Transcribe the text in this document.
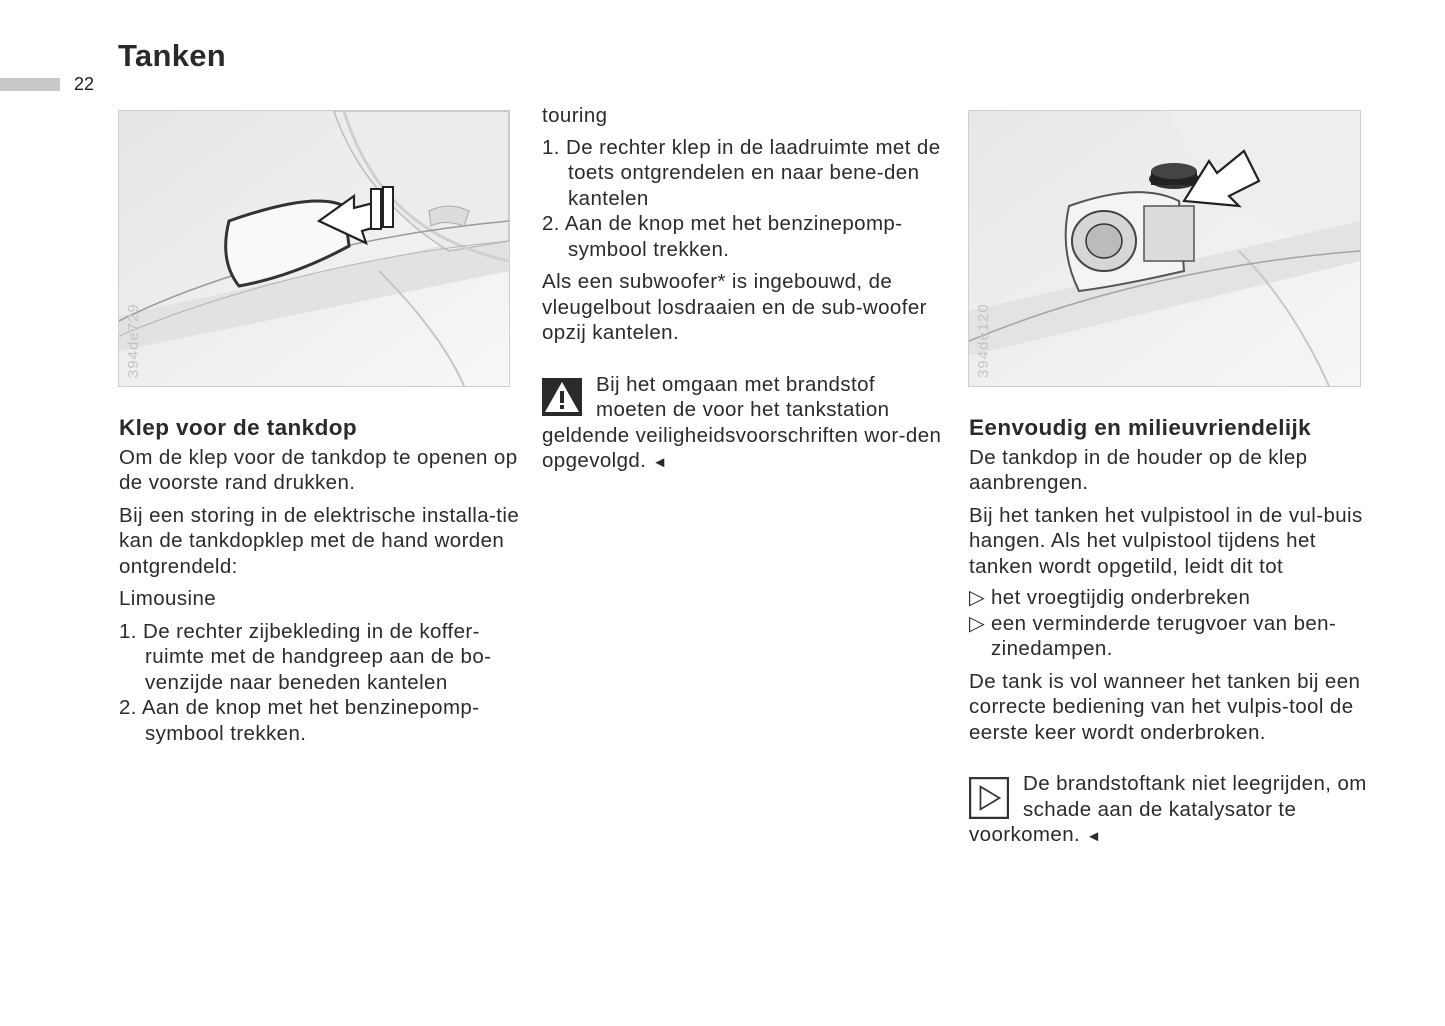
22
Tanken
394de729	394de120
Klep voor de tankdop

Om de klep voor de tankdop te openen op de voorste rand drukken.

Bij een storing in de elektrische installa-tie kan de tankdopklep met de hand worden ontgrendeld:

Limousine

1. De rechter zijbekleding in de koffer-ruimte met de handgreep aan de bo-venzijde naar beneden kantelen
2. Aan de knop met het benzinepomp-symbool trekken.

touring

1. De rechter klep in de laadruimte met de toets ontgrendelen en naar bene-den kantelen
2. Aan de knop met het benzinepomp-symbool trekken.

Als een subwoofer* is ingebouwd, de vleugelbout losdraaien en de sub-woofer opzij kantelen.

Bij het omgaan met brandstof moeten de voor het tankstation geldende veiligheidsvoorschriften wor-den opgevolgd. ◄
Eenvoudig en milieuvriendelijk

De tankdop in de houder op de klep aanbrengen.

Bij het tanken het vulpistool in de vul-buis hangen. Als het vulpistool tijdens het tanken wordt opgetild, leidt dit tot

▷ het vroegtijdig onderbreken
▷ een verminderde terugvoer van ben-zinedampen.

De tank is vol wanneer het tanken bij een correcte bediening van het vulpis-tool de eerste keer wordt onderbroken.

De brandstoftank niet leegrijden, om schade aan de katalysator te voorkomen. ◄
